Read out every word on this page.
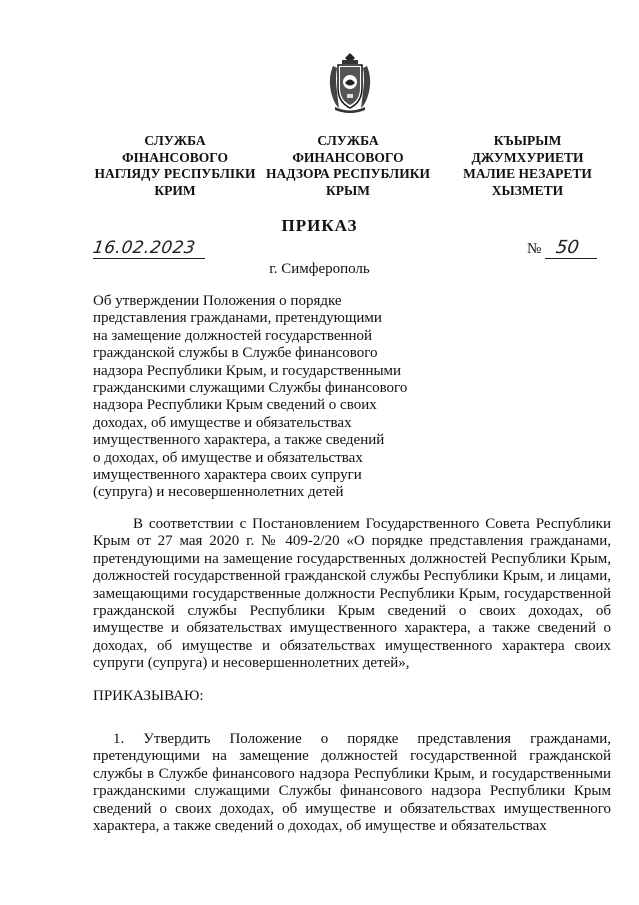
СЛУЖБА
ФІНАНСОВОГО
НАГЛЯДУ РЕСПУБЛІКИ
КРИМ
СЛУЖБА
ФИНАНСОВОГО
НАДЗОРА РЕСПУБЛИКИ
КРЫМ
КЪЫРЫМ
ДЖУМХУРИЕТИ
МАЛИЕ НЕЗАРЕТИ
ХЫЗМЕТИ
ПРИКАЗ
16.02.2023	№ 50
г. Симферополь
Об утверждении Положения о порядке
представления гражданами, претендующими
на замещение должностей государственной
гражданской службы в Службе финансового
надзора Республики Крым, и государственными
гражданскими служащими Службы финансового
надзора Республики Крым сведений о своих
доходах, об имуществе и обязательствах
имущественного характера, а также сведений
о доходах, об имуществе и обязательствах
имущественного характера своих супруги
(супруга) и несовершеннолетних детей
В соответствии с Постановлением Государственного Совета Республики Крым от 27 мая 2020 г. № 409-2/20 «О порядке представления гражданами, претендующими на замещение государственных должностей Республики Крым, должностей государственной гражданской службы Республики Крым, и лицами, замещающими государственные должности Республики Крым, государственной гражданской службы Республики Крым сведений о своих доходах, об имуществе и обязательствах имущественного характера, а также сведений о доходах, об имуществе и обязательствах имущественного характера своих супруги (супруга) и несовершеннолетних детей»,
ПРИКАЗЫВАЮ:
1. Утвердить Положение о порядке представления гражданами, претендующими на замещение должностей государственной гражданской службы в Службе финансового надзора Республики Крым, и государственными гражданскими служащими Службы финансового надзора Республики Крым сведений о своих доходах, об имуществе и обязательствах имущественного характера, а также сведений о доходах, об имуществе и обязательствах
